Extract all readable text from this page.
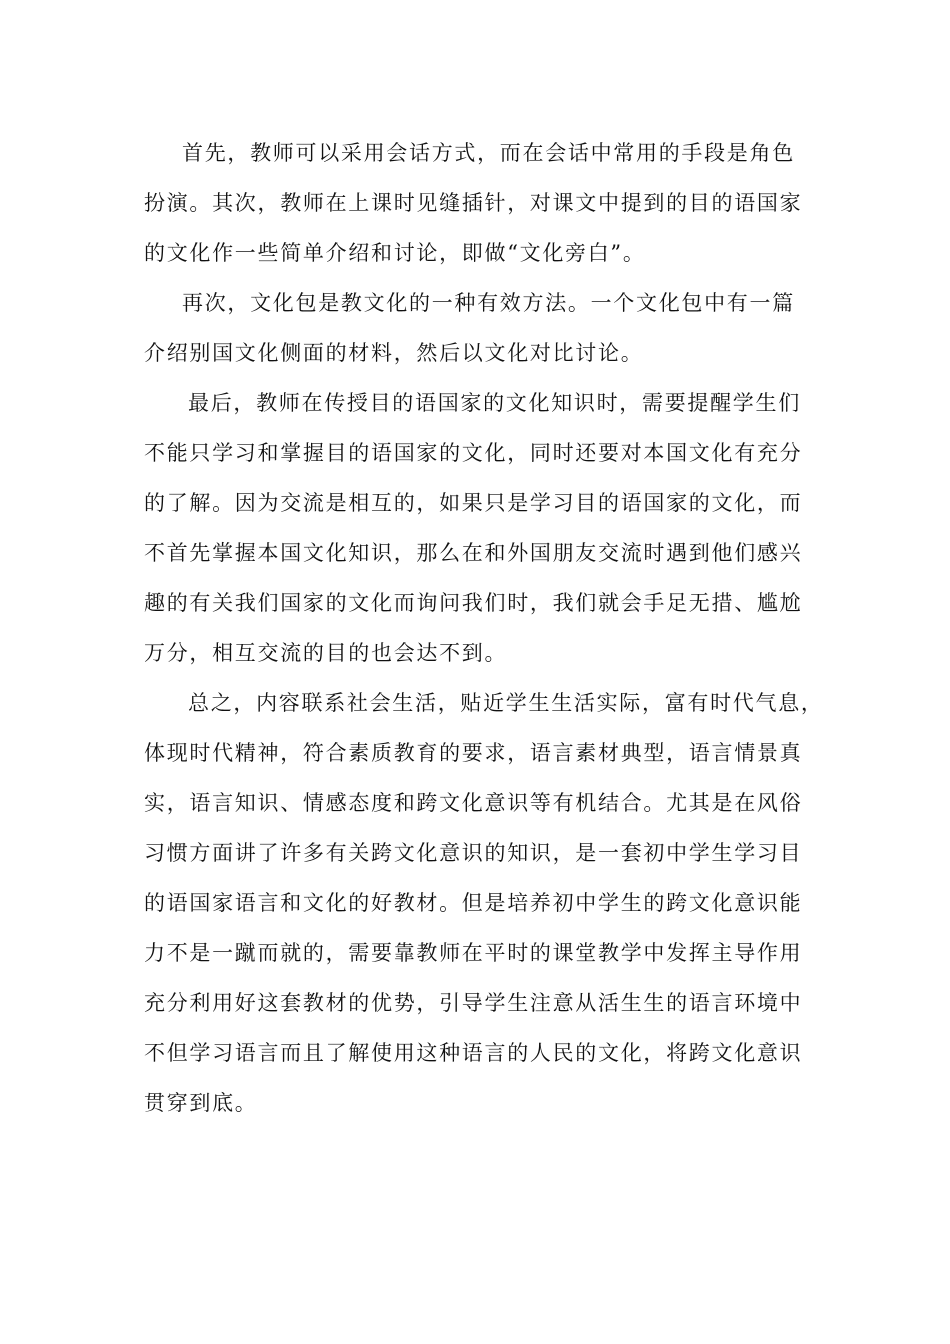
首先，教师可以采用会话方式，而在会话中常用的手段是角色
扮演。其次，教师在上课时见缝插针，对课文中提到的目的语国家
的文化作一些简单介绍和讨论，即做“文化旁白”。
再次，文化包是教文化的一种有效方法。一个文化包中有一篇
介绍别国文化侧面的材料，然后以文化对比讨论。
最后，教师在传授目的语国家的文化知识时，需要提醒学生们
不能只学习和掌握目的语国家的文化，同时还要对本国文化有充分
的了解。因为交流是相互的，如果只是学习目的语国家的文化，而
不首先掌握本国文化知识，那么在和外国朋友交流时遇到他们感兴
趣的有关我们国家的文化而询问我们时，我们就会手足无措、尴尬
万分，相互交流的目的也会达不到。
总之，内容联系社会生活，贴近学生生活实际，富有时代气息，
体现时代精神，符合素质教育的要求，语言素材典型，语言情景真
实，语言知识、情感态度和跨文化意识等有机结合。尤其是在风俗
习惯方面讲了许多有关跨文化意识的知识，是一套初中学生学习目
的语国家语言和文化的好教材。但是培养初中学生的跨文化意识能
力不是一蹴而就的，需要靠教师在平时的课堂教学中发挥主导作用
充分利用好这套教材的优势，引导学生注意从活生生的语言环境中
不但学习语言而且了解使用这种语言的人民的文化，将跨文化意识
贯穿到底。
